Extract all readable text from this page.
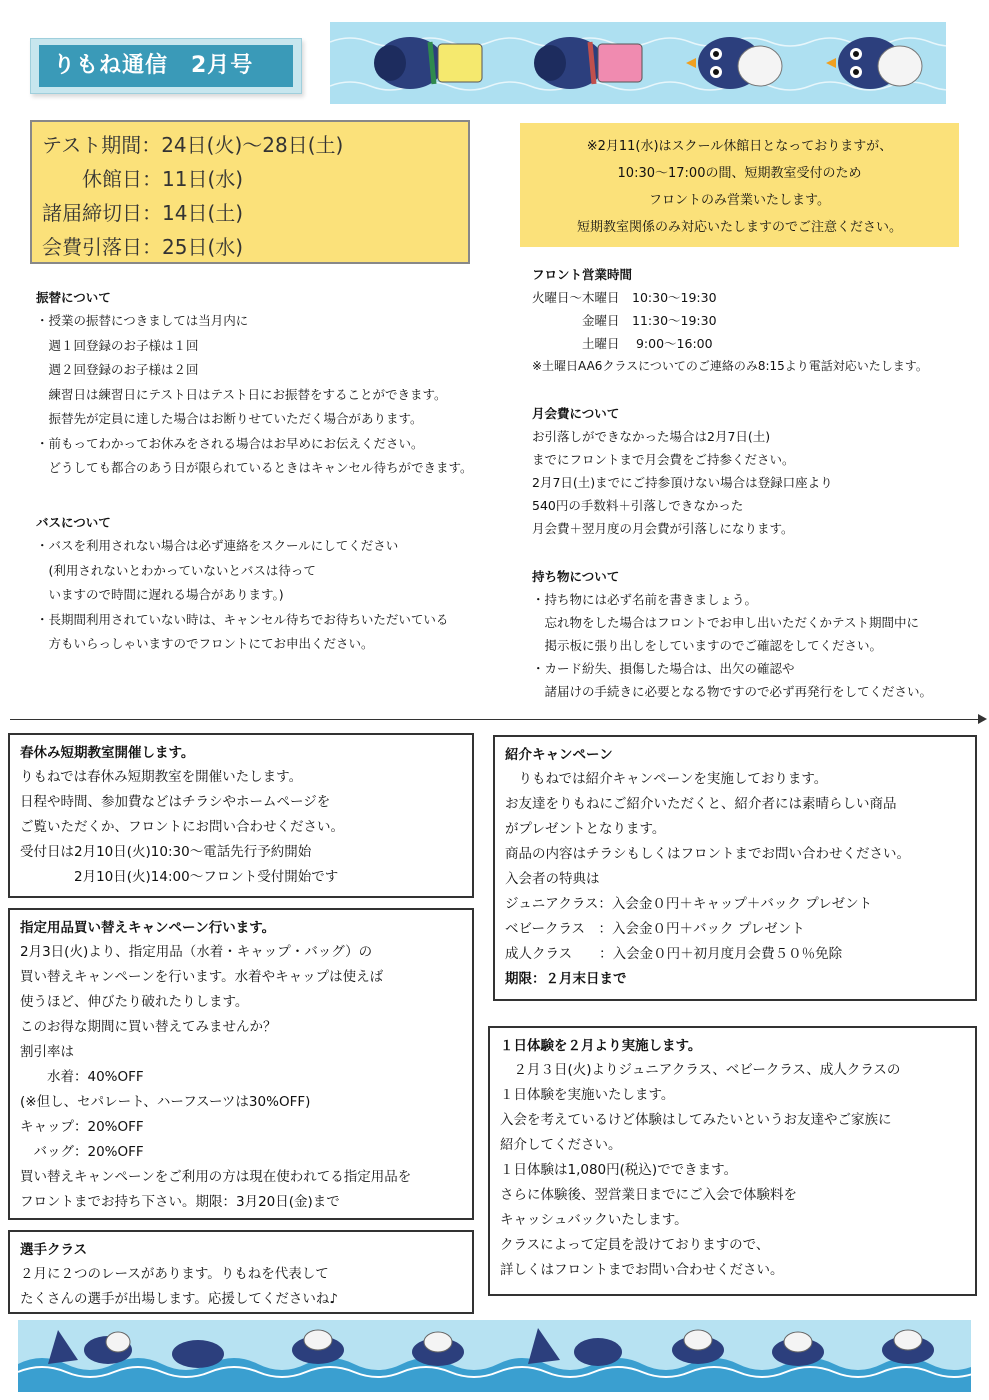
りもね通信　2月号
テスト期間：24日(火)～28日(土)
　　休館日：11日(水)
諸届締切日：14日(土)
会費引落日：25日(水)
※2月11(水)はスクール休館日となっておりますが、
10:30～17:00の間、短期教室受付のため
フロントのみ営業いたします。
短期教室関係のみ対応いたしますのでご注意ください。
振替について
・授業の振替につきましては当月内に
　週１回登録のお子様は１回
　週２回登録のお子様は２回
　練習日は練習日にテスト日はテスト日にお振替をすることができます。
　振替先が定員に達した場合はお断りせていただく場合があります。
・前もってわかってお休みをされる場合はお早めにお伝えください。
　どうしても都合のあう日が限られているときはキャンセル待ちができます。
バスについて
・バスを利用されない場合は必ず連絡をスクールにしてください
　(利用されないとわかっていないとバスは待って
　いますので時間に遅れる場合があります。)
・長期間利用されていない時は、キャンセル待ちでお待ちいただいている
　方もいらっしゃいますのでフロントにてお申出ください。
フロント営業時間
火曜日～木曜日　10:30～19:30
　　　　金曜日　11:30～19:30
　　　　土曜日　 9:00～16:00
※土曜日AA6クラスについてのご連絡のみ8:15より電話対応いたします。
月会費について
お引落しができなかった場合は2月7日(土)
までにフロントまで月会費をご持参ください。
2月7日(土)までにご持参頂けない場合は登録口座より
540円の手数料＋引落しできなかった
月会費＋翌月度の月会費が引落しになります。
持ち物について
・持ち物には必ず名前を書きましょう。
　忘れ物をした場合はフロントでお申し出いただくかテスト期間中に
　掲示板に張り出しをしていますのでご確認をしてください。
・カード紛失、損傷した場合は、出欠の確認や
　諸届けの手続きに必要となる物ですので必ず再発行をしてください。
春休み短期教室開催します。
りもねでは春休み短期教室を開催いたします。
日程や時間、参加費などはチラシやホームページを
ご覧いただくか、フロントにお問い合わせください。
受付日は2月10日(火)10:30～電話先行予約開始
　　　　2月10日(火)14:00～フロント受付開始です
指定用品買い替えキャンペーン行います。
2月3日(火)より、指定用品（水着・キャップ・バッグ）の
買い替えキャンペーンを行います。水着やキャップは使えば
使うほど、伸びたり破れたりします。
このお得な期間に買い替えてみませんか？
割引率は
　　水着：40%OFF
(※但し、セパレート、ハーフスーツは30%OFF)
キャップ：20%OFF
　バッグ：20%OFF
買い替えキャンペーンをご利用の方は現在使われてる指定用品を
フロントまでお持ち下さい。期限：3月20日(金)まで
選手クラス
２月に２つのレースがあります。りもねを代表して
たくさんの選手が出場します。応援してくださいね♪
紹介キャンペーン
　りもねでは紹介キャンペーンを実施しております。
お友達をりもねにご紹介いただくと、紹介者には素晴らしい商品
がプレゼントとなります。
商品の内容はチラシもしくはフロントまでお問い合わせください。
入会者の特典は
ジュニアクラス：入会金０円＋キャップ＋バック プレゼント
ベビークラス　：入会金０円＋バック プレゼント
成人クラス　　：入会金０円＋初月度月会費５０％免除
期限：２月末日まで
１日体験を２月より実施します。
　２月３日(火)よりジュニアクラス、ベビークラス、成人クラスの
１日体験を実施いたします。
入会を考えているけど体験はしてみたいというお友達やご家族に
紹介してください。
１日体験は1,080円(税込)でできます。
さらに体験後、翌営業日までにご入会で体験料を
キャッシュバックいたします。
クラスによって定員を設けておりますので、
詳しくはフロントまでお問い合わせください。
